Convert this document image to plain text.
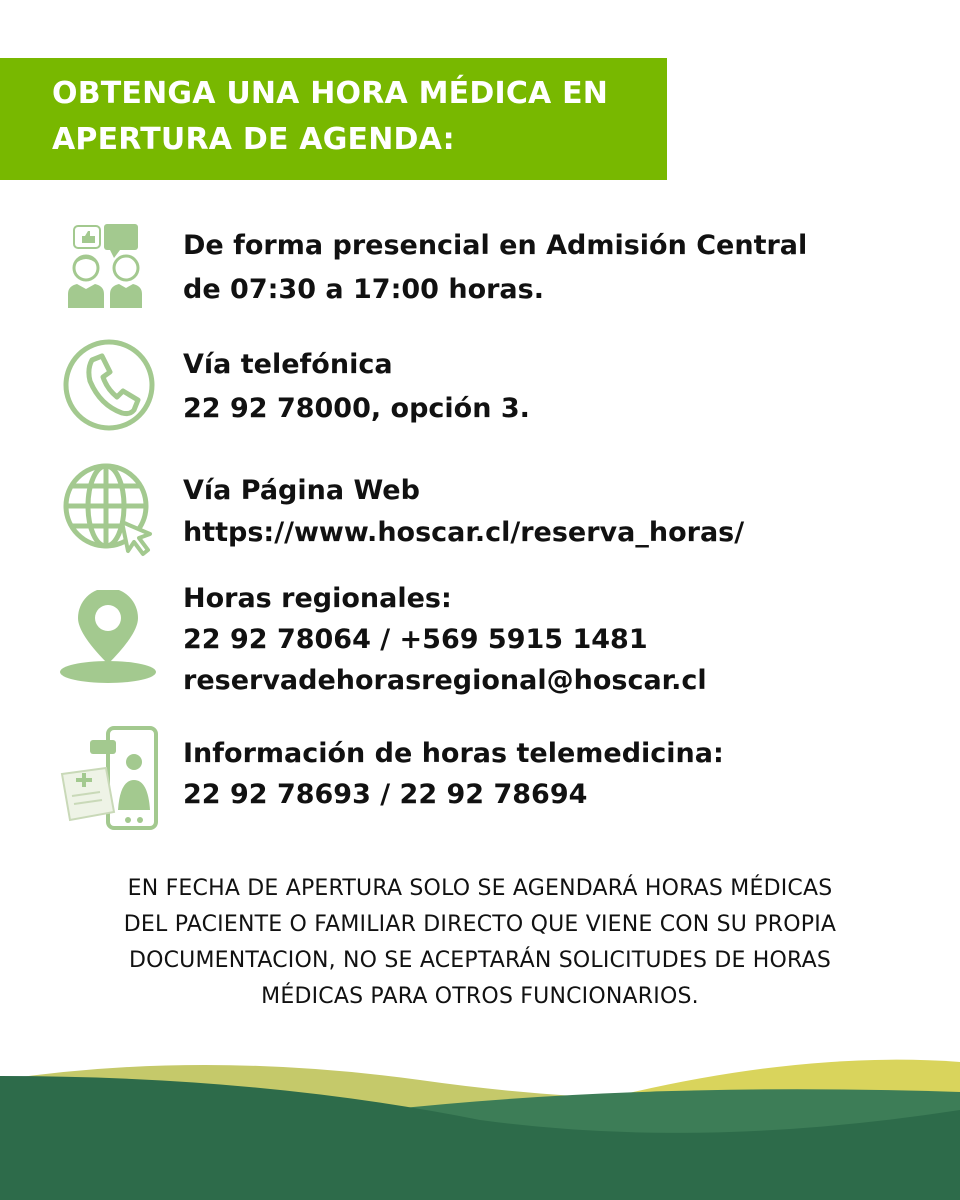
OBTENGA UNA HORA MÉDICA EN
APERTURA DE AGENDA:
De forma presencial en Admisión Central
de 07:30 a 17:00 horas.
Vía telefónica
22 92 78000, opción 3.
Vía Página Web
https://www.hoscar.cl/reserva_horas/
Horas regionales:
22 92 78064 / +569 5915 1481
reservadehorasregional@hoscar.cl
Información de horas telemedicina:
22 92 78693 / 22 92 78694
EN FECHA DE APERTURA SOLO SE AGENDARÁ HORAS MÉDICAS
DEL PACIENTE O FAMILIAR DIRECTO QUE VIENE CON SU PROPIA
DOCUMENTACION, NO SE ACEPTARÁN SOLICITUDES DE HORAS
MÉDICAS PARA OTROS FUNCIONARIOS.
